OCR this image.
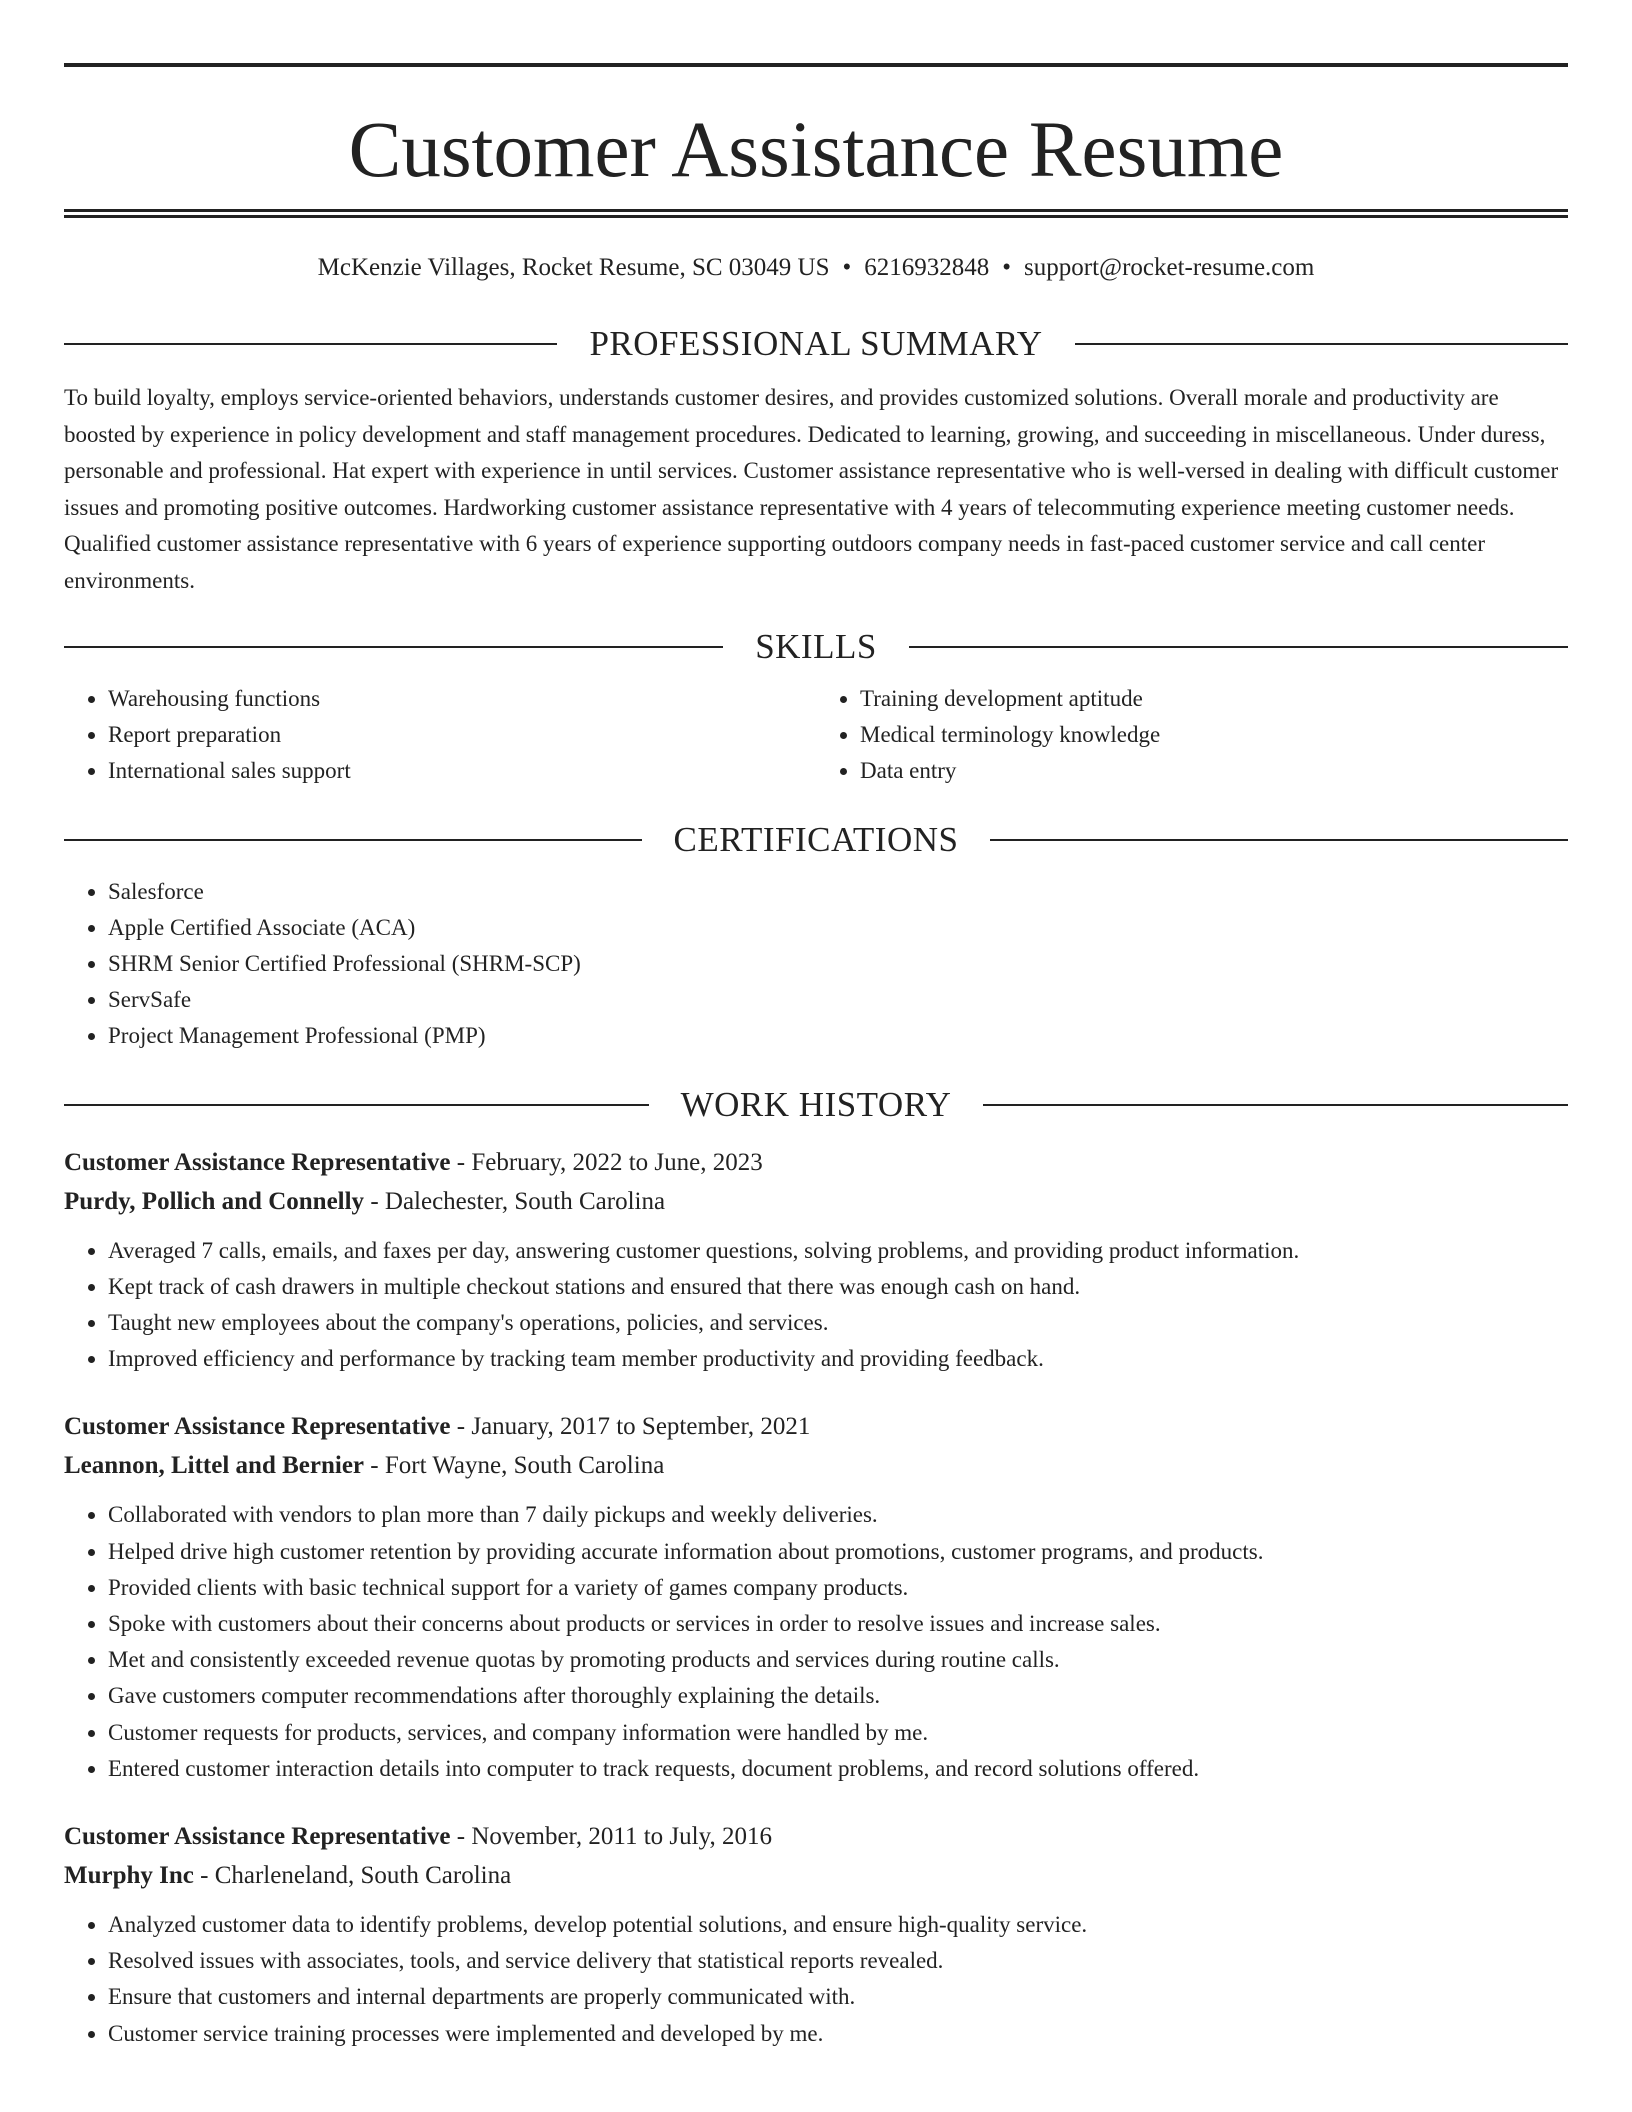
Customer Assistance Resume
McKenzie Villages, Rocket Resume, SC 03049 US • 6216932848 • support@rocket-resume.com
PROFESSIONAL SUMMARY

To build loyalty, employs service-oriented behaviors, understands customer desires, and provides customized solutions. Overall morale and productivity are boosted by experience in policy development and staff management procedures. Dedicated to learning, growing, and succeeding in miscellaneous. Under duress, personable and professional. Hat expert with experience in until services. Customer assistance representative who is well-versed in dealing with difficult customer issues and promoting positive outcomes. Hardworking customer assistance representative with 4 years of telecommuting experience meeting customer needs. Qualified customer assistance representative with 6 years of experience supporting outdoors company needs in fast-paced customer service and call center environments.

SKILLS
• Warehousing functions
• Report preparation
• International sales support
• Training development aptitude
• Medical terminology knowledge
• Data entry
CERTIFICATIONS
• Salesforce
• Apple Certified Associate (ACA)
• SHRM Senior Certified Professional (SHRM-SCP)
• ServSafe
• Project Management Professional (PMP)
WORK HISTORY
Customer Assistance Representative - February, 2022 to June, 2023
Purdy, Pollich and Connelly - Dalechester, South Carolina
• Averaged 7 calls, emails, and faxes per day, answering customer questions, solving problems, and providing product information.
• Kept track of cash drawers in multiple checkout stations and ensured that there was enough cash on hand.
• Taught new employees about the company's operations, policies, and services.
• Improved efficiency and performance by tracking team member productivity and providing feedback.
Customer Assistance Representative - January, 2017 to September, 2021
Leannon, Littel and Bernier - Fort Wayne, South Carolina
• Collaborated with vendors to plan more than 7 daily pickups and weekly deliveries.
• Helped drive high customer retention by providing accurate information about promotions, customer programs, and products.
• Provided clients with basic technical support for a variety of games company products.
• Spoke with customers about their concerns about products or services in order to resolve issues and increase sales.
• Met and consistently exceeded revenue quotas by promoting products and services during routine calls.
• Gave customers computer recommendations after thoroughly explaining the details.
• Customer requests for products, services, and company information were handled by me.
• Entered customer interaction details into computer to track requests, document problems, and record solutions offered.
Customer Assistance Representative - November, 2011 to July, 2016
Murphy Inc - Charleneland, South Carolina
• Analyzed customer data to identify problems, develop potential solutions, and ensure high-quality service.
• Resolved issues with associates, tools, and service delivery that statistical reports revealed.
• Ensure that customers and internal departments are properly communicated with.
• Customer service training processes were implemented and developed by me.
